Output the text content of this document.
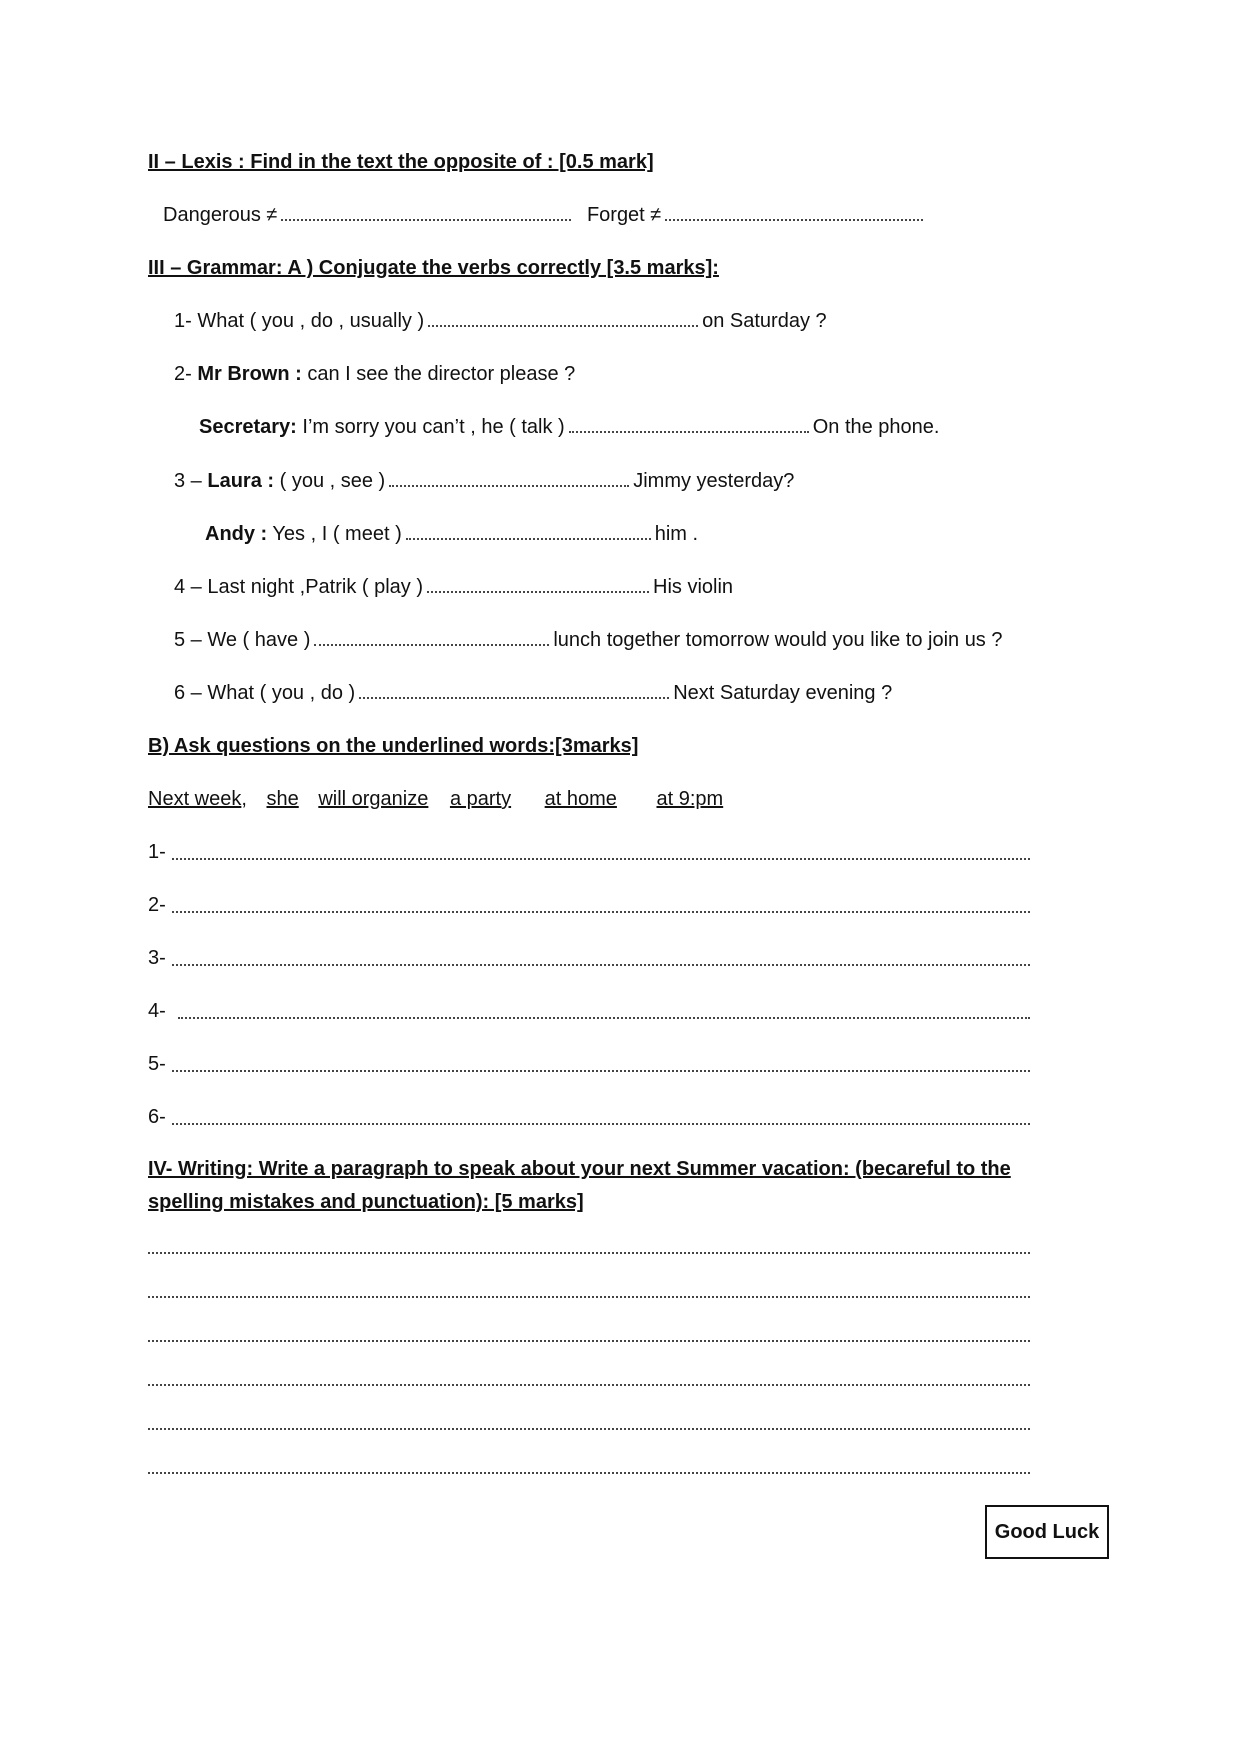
II – Lexis : Find in the text the opposite of : [0.5 mark]
Dangerous ≠	Forget ≠
III – Grammar: A ) Conjugate the verbs correctly [3.5 marks]:
1- What ( you , do , usually )	on Saturday ?
2- Mr Brown : can I see the director please ?
Secretary: I’m sorry you can’t , he ( talk )	On the phone.
3 – Laura : ( you , see )	Jimmy yesterday?
Andy : Yes , I ( meet )	him .
4 – Last night ,Patrik ( play )	His violin
5 – We ( have )	lunch together tomorrow would you like to join us ?
6 – What ( you , do )	Next Saturday evening ?
B) Ask questions on the underlined words:[3marks]
Next week, she will organize a party at home at 9:pm
1-
2-
3-
4-
5-
6-
IV- Writing: Write a paragraph to speak about your next Summer vacation: (becareful to the
spelling mistakes and punctuation): [5 marks]
Good Luck
